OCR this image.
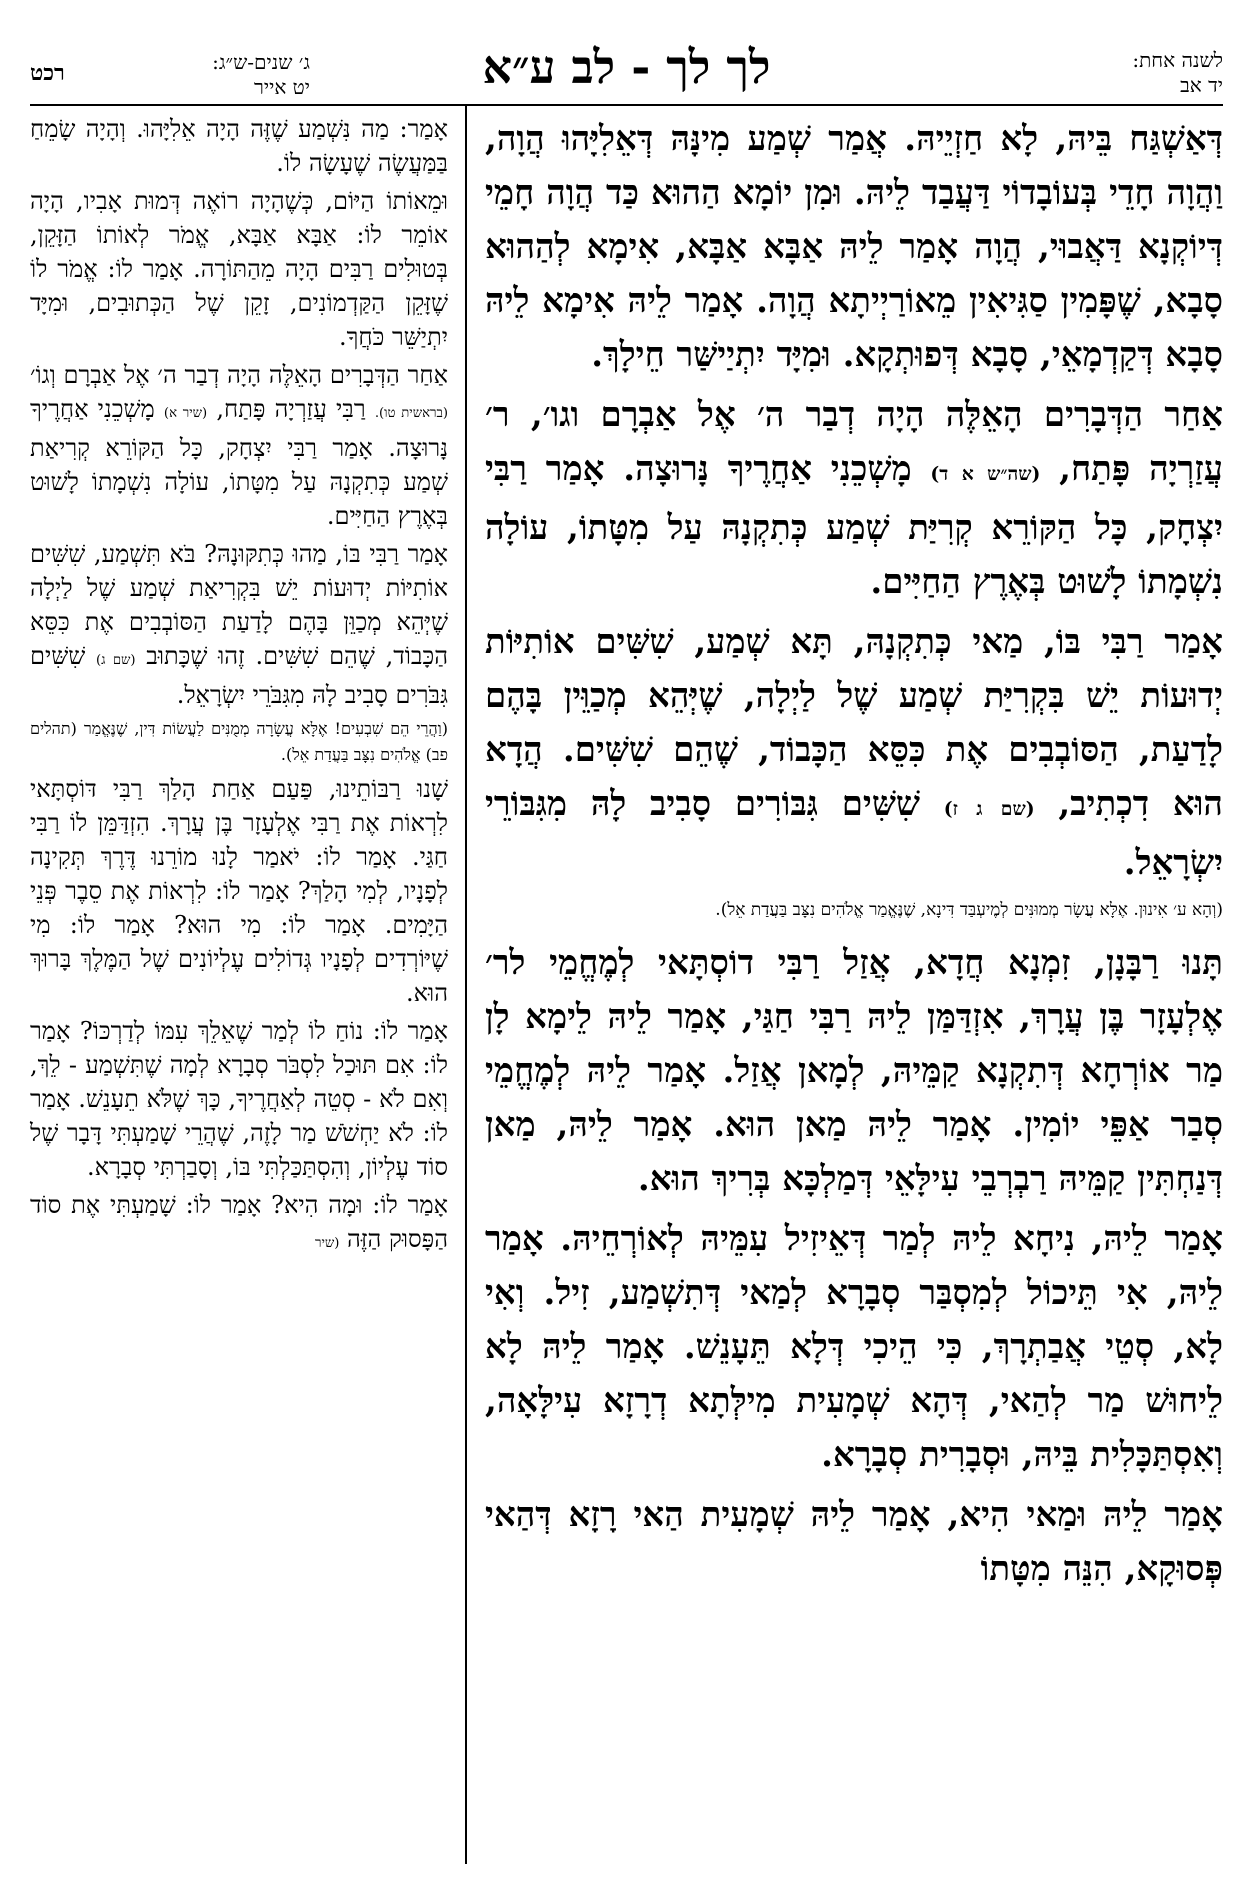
לשנה אחת:
יד אב
לך לך - לב ע״א
ג׳ שנים-ש״ג:
יט אייר
רכט

דְּאַשְׁגַּח בֵּיהּ, לָא חַזְיֵיהּ. אֲמַר שְׁמַע מִינָּהּ דְּאֵלִיָּהוּ הֲוָה, וַהֲוָה חָדֵי בְּעוֹבָדוֹי דַּעֲבַד לֵיהּ. וּמִן יוֹמָא הַהוּא כַּד הֲוָה חָמֵי דְּיוֹקְנָא דַּאֲבוּי, הֲוָה אָמַר לֵיהּ אַבָּא אַבָּא, אִימָא לְהַהוּא סָבָא, שֶׁפָּמִין סַגִּיאִין מֵאוֹרַיְיתָא הֲוָה. אָמַר לֵיהּ אִימָא לֵיהּ סָבָא דְּקַדְמָאֵי, סָבָא דְּפוּתְקָא. וּמִיָּד יִתְיַישַּׁר חֵילָךְ.

אַחַר הַדְּבָרִים הָאֵלֶּה הָיָה דְבַר ה׳ אֶל אַבְרָם וגו׳, ר׳ עֲזַרְיָה פָּתַח, (שה״ש א ד) מָשְׁכֵנִי אַחֲרֶיךָ נָּרוּצָה. אָמַר רַבִּי יִצְחָק, כָּל הַקּוֹרֵא קְרִיַּת שְׁמַע כְּתִקְנָהּ עַל מִטָּתוֹ, עוֹלָה נִשְׁמָתוֹ לָשׁוּט בְּאֶרֶץ הַחַיִּים.

אָמַר רַבִּי בּוֹ, מַאי כְּתִקְנָהּ, תָּא שְׁמַע, שִׁשִּׁים אוֹתִיּוֹת יְדוּעוֹת יֵשׁ בִּקְרִיַּת שְׁמַע שֶׁל לַיְלָה, שֶׁיְּהֵא מְכַוֵּין בָּהֶם לָדַעַת, הַסּוֹבְבִים אֶת כִּסֵּא הַכָּבוֹד, שֶׁהֵם שִׁשִּׁים. הֲדָא הוּא דִכְתִיב, (שם ג ז) שִׁשִּׁים גִּבּוֹרִים סָבִיב לָהּ מִגִּבּוֹרֵי יִשְׂרָאֵל.

(וְהָא ע׳ אִינוּן. אֶלָּא עֲשָׂר מְמוּנִּים לְמֶיעְבַּד דִּינָא, שֶׁנֶּאֱמַר אֱלֹהִים נִצָּב בַּעֲדַת אֵל).

תָּנוּ רַבָּנָן, זִמְנָא חֲדָא, אֲזַל רַבִּי דוֹסְתָּאי לְמֶחֱמֵי לר׳ אֶלְעָזָר בֶּן עֲרָךְ, אִזְדַּמַּן לֵיהּ רַבִּי חַגַּי, אָמַר לֵיהּ לֵימָא לָן מַר אוֹרְחָא דְּתִקְנָא קַמֵּיהּ, לְמָאן אֲזַל. אָמַר לֵיהּ לְמֶחֱמֵי סְבַר אַפֵּי יוֹמִין. אָמַר לֵיהּ מַאן הוּא. אָמַר לֵיהּ, מַאן דְּנַחְתִּין קַמֵּיהּ רַבְרְבֵי עִילָּאֵי דְּמַלְכָּא בְּרִיךְ הוּא.

אָמַר לֵיהּ, נִיחָא לֵיהּ לְמַר דְּאֵיזִיל עִמֵּיהּ לְאוֹרְחֵיהּ. אָמַר לֵיהּ, אִי תֵּיכוֹל לְמִסְבַּר סְבָרָא לְמַאי דְּתִשְׁמַע, זִיל. וְאִי לָא, סְטֵי אֲבַתְרָךְ, כִּי הֵיכִי דְּלָא תֵּעָנֵשׁ. אָמַר לֵיהּ לָא לֵיחוּשׁ מַר לְהַאי, דְּהָא שְׁמָעִית מִילְּתָא דְרָזָא עִילָּאָה, וְאִסְתַּכָּלִית בֵּיהּ, וּסְבָרִית סְבָרָא.

אָמַר לֵיהּ וּמַאי הִיא, אָמַר לֵיהּ שְׁמָעִית הַאי רָזָא דְּהַאי פְּסוּקָא, הִנֵּה מִטָּתוֹ

אָמַר: מַה נִּשְׁמַע שֶׁזֶּה הָיָה אֵלִיָּהוּ. וְהָיָה שָׂמֵחַ בַּמַּעֲשֶׂה שֶׁעָשָׂה לוֹ.

וּמֵאוֹתוֹ הַיּוֹם, כְּשֶׁהָיָה רוֹאֶה דְּמוּת אָבִיו, הָיָה אוֹמֵר לוֹ: אַבָּא אַבָּא, אֱמֹר לְאוֹתוֹ הַזָּקֵן, בְּטוּלִים רַבִּים הָיָה מֵהַתּוֹרָה. אָמַר לוֹ: אֱמֹר לוֹ שֶׁזָּקֵן הַקַּדְמוֹנִים, זָקֵן שֶׁל הַכְּתוּבִים, וּמִיָּד יִתְיַשֵּׁר כֹּחֲךָ.

אַחַר הַדְּבָרִים הָאֵלֶּה הָיָה דְבַר ה׳ אֶל אַבְרָם וְגוֹ׳ (בראשית טו). רַבִּי עֲזַרְיָה פָּתַח, (שיר א) מָשְׁכֵנִי אַחֲרֶיךָ נָּרוּצָה. אָמַר רַבִּי יִצְחָק, כָּל הַקּוֹרֵא קְרִיאַת שְׁמַע כְּתִקְנָהּ עַל מִטָּתוֹ, עוֹלָה נִשְׁמָתוֹ לָשׁוּט בְּאֶרֶץ הַחַיִּים.

אָמַר רַבִּי בּוֹ, מַהוּ כְּתִקּוּנָהּ? בֹּא תִּשְׁמַע, שִׁשִּׁים אוֹתִיּוֹת יְדוּעוֹת יֵשׁ בִּקְרִיאַת שְׁמַע שֶׁל לַיְלָה שֶׁיְּהֵא מְכַוֵּן בָּהֶם לָדַעַת הַסּוֹבְבִים אֶת כִּסֵּא הַכָּבוֹד, שֶׁהֵם שִׁשִּׁים. זֶהוּ שֶׁכָּתוּב (שם ג) שִׁשִּׁים גִּבֹּרִים סָבִיב לָהּ מִגִּבֹּרֵי יִשְׂרָאֵל.

(וַהֲרֵי הֵם שִׁבְעִים! אֶלָּא עֲשָׂרָה מְמֻנִּים לַעֲשׂוֹת דִּין, שֶׁנֶּאֱמַר (תהלים פב) אֱלֹהִים נִצָּב בַּעֲדַת אֵל).

שָׁנוּ רַבּוֹתֵינוּ, פַּעַם אַחַת הָלַךְ רַבִּי דּוֹסְתָּאי לִרְאוֹת אֶת רַבִּי אֶלְעָזָר בֶּן עֲרָךְ. הִזְדַּמֵּן לוֹ רַבִּי חַגַּי. אָמַר לוֹ: יֹאמַר לָנוּ מוֹרֵנוּ דֶּרֶךְ תְּקִינָה לְפָנָיו, לְמִי הָלַךְ? אָמַר לוֹ: לִרְאוֹת אֶת סֵבֶר פְּנֵי הַיָּמִים. אָמַר לוֹ: מִי הוּא? אָמַר לוֹ: מִי שֶׁיּוֹרְדִים לְפָנָיו גְּדוֹלִים עֶלְיוֹנִים שֶׁל הַמֶּלֶךְ בָּרוּךְ הוּא.

אָמַר לוֹ: נוֹחַ לוֹ לְמַר שֶׁאֵלֵךְ עִמּוֹ לְדַרְכּוֹ? אָמַר לוֹ: אִם תּוּכַל לִסְבֹּר סְבָרָא לְמָה שֶׁתִּשְׁמַע - לֵךְ, וְאִם לֹא - סְטֵה לְאַחֲרֶיךָ, כָּךְ שֶׁלֹּא תֵעָנֵשׁ. אָמַר לוֹ: לֹא יַחְשֹׁשׁ מַר לָזֶה, שֶׁהֲרֵי שָׁמַעְתִּי דָּבָר שֶׁל סוֹד עֶלְיוֹן, וְהִסְתַּכַּלְתִּי בּוֹ, וְסָבַרְתִּי סְבָרָא.

אָמַר לוֹ: וּמָה הִיא? אָמַר לוֹ: שָׁמַעְתִּי אֶת סוֹד הַפָּסוּק הַזֶּה (שיר
